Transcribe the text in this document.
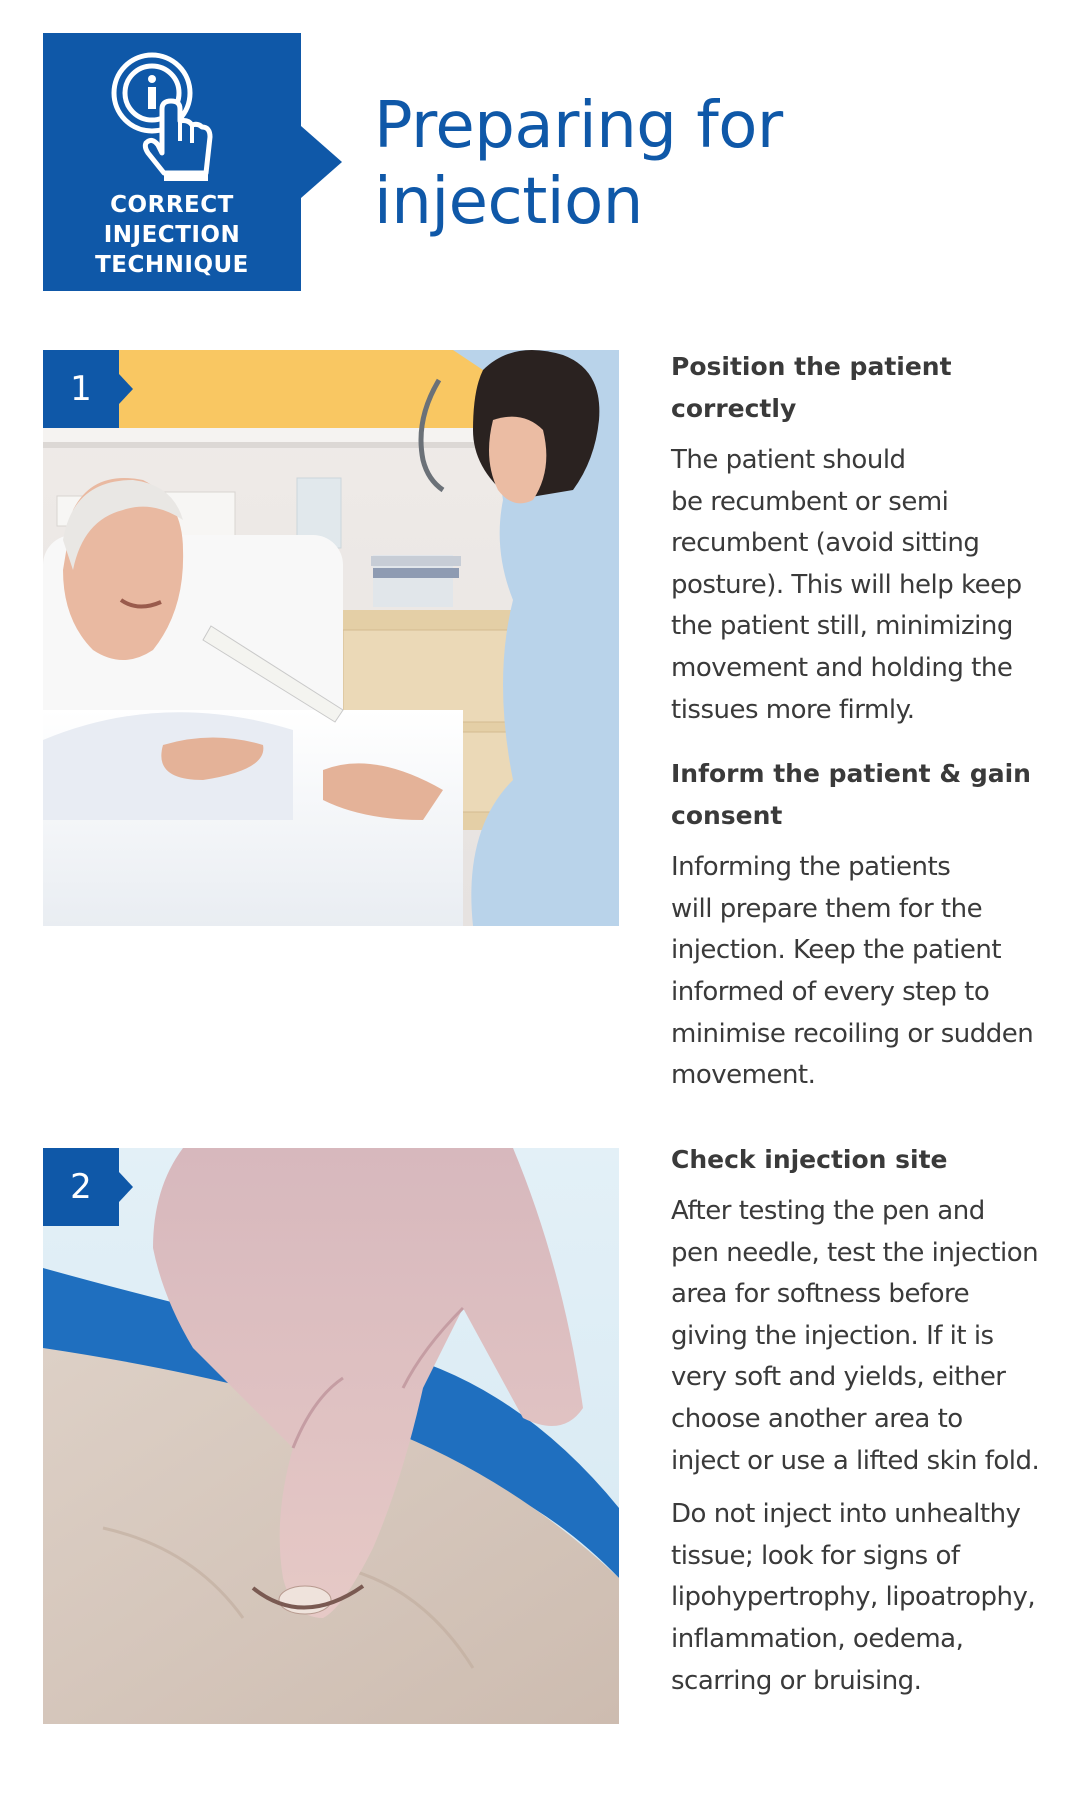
CORRECT
INJECTION
TECHNIQUE
Preparing for
injection
1
Position the patient
correctly

The patient should
be recumbent or semi
recumbent (avoid sitting
posture). This will help keep
the patient still, minimizing
movement and holding the
tissues more firmly.

Inform the patient & gain
consent

Informing the patients
will prepare them for the
injection. Keep the patient
informed of every step to
minimise recoiling or sudden
movement.

2
Check injection site

After testing the pen and
pen needle, test the injection
area for softness before
giving the injection. If it is
very soft and yields, either
choose another area to
inject or use a lifted skin fold.

Do not inject into unhealthy
tissue; look for signs of
lipohypertrophy, lipoatrophy,
inflammation, oedema,
scarring or bruising.
